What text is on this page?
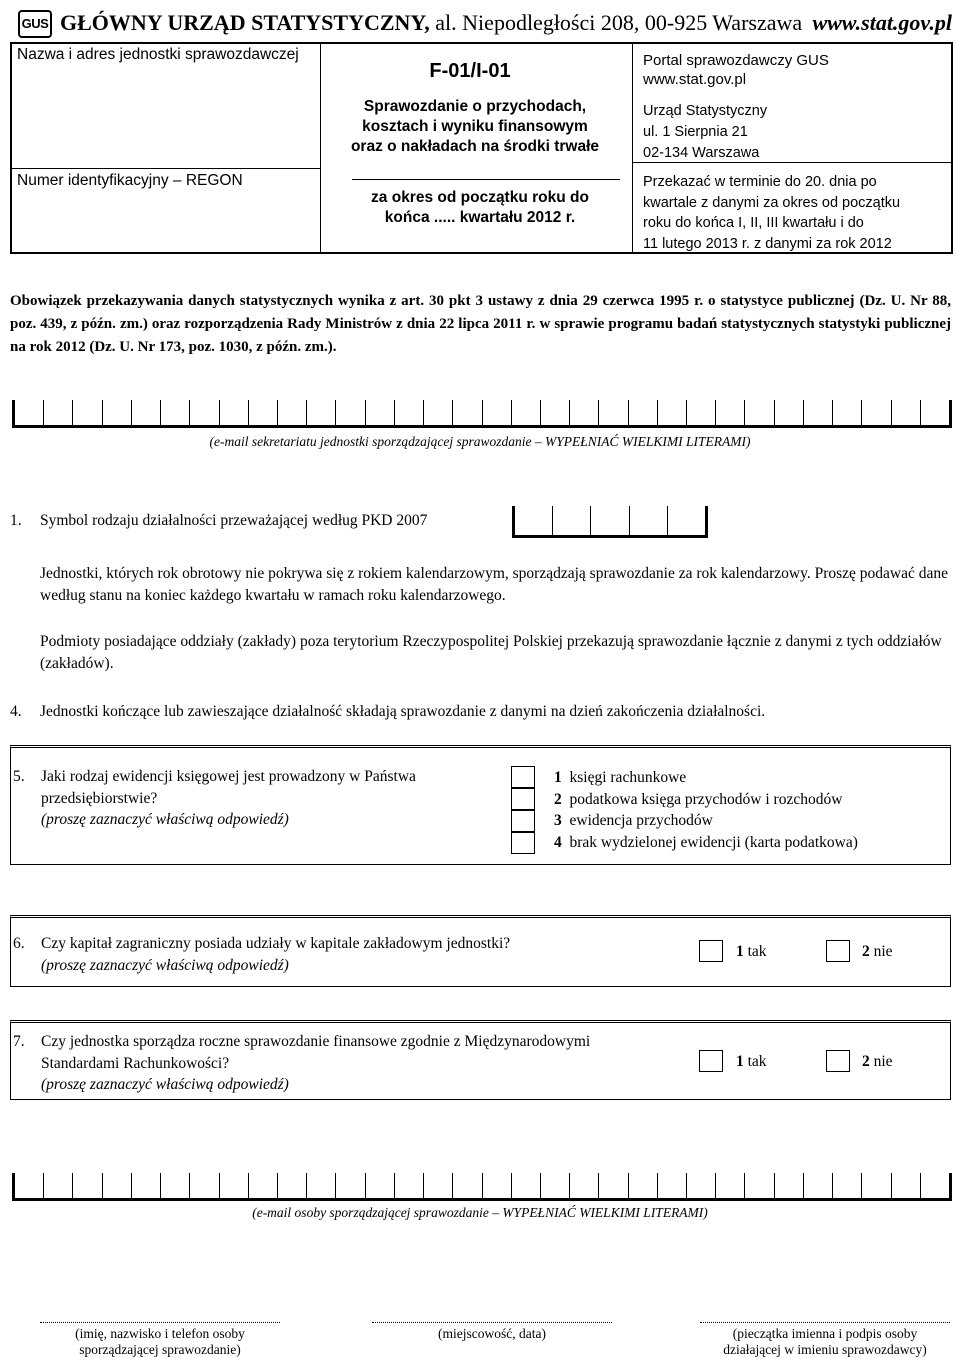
GUS GŁÓWNY URZĄD STATYSTYCZNY, al. Niepodległości 208, 00-925 Warszawa www.stat.gov.pl
Nazwa i adres jednostki sprawozdawczej
Numer identyfikacyjny – REGON
F-01/I-01
Sprawozdanie o przychodach,
kosztach i wyniku finansowym
oraz o nakładach na środki trwałe
za okres od początku roku do
końca ..... kwartału 2012 r.
Portal sprawozdawczy GUS
www.stat.gov.pl
Urząd Statystyczny
ul. 1 Sierpnia 21
02-134 Warszawa
Przekazać w terminie do 20. dnia po
kwartale z danymi za okres od początku
roku do końca I, II, III kwartału i do
11 lutego 2013 r. z danymi za rok 2012
Obowiązek przekazywania danych statystycznych wynika z art. 30 pkt 3 ustawy z dnia 29 czerwca 1995 r. o statystyce publicznej (Dz. U. Nr 88, poz. 439, z późn. zm.) oraz rozporządzenia Rady Ministrów z dnia 22 lipca 2011 r. w sprawie programu badań statystycznych statystyki publicznej na rok 2012 (Dz. U. Nr 173, poz. 1030, z późn. zm.).
(e-mail sekretariatu jednostki sporządzającej sprawozdanie – WYPEŁNIAĆ WIELKIMI LITERAMI)
1. Symbol rodzaju działalności przeważającej według PKD 2007
Jednostki, których rok obrotowy nie pokrywa się z rokiem kalendarzowym, sporządzają sprawozdanie za rok kalendarzowy. Proszę podawać dane według stanu na koniec każdego kwartału w ramach roku kalendarzowego.
Podmioty posiadające oddziały (zakłady) poza terytorium Rzeczypospolitej Polskiej przekazują sprawozdanie łącznie z danymi z tych oddziałów (zakładów).
4. Jednostki kończące lub zawieszające działalność składają sprawozdanie z danymi na dzień zakończenia działalności.
5. Jaki rodzaj ewidencji księgowej jest prowadzony w Państwa
przedsiębiorstwie?
(proszę zaznaczyć właściwą odpowiedź)
1 księgi rachunkowe
2 podatkowa księga przychodów i rozchodów
3 ewidencja przychodów
4 brak wydzielonej ewidencji (karta podatkowa)
6. Czy kapitał zagraniczny posiada udziały w kapitale zakładowym jednostki?
(proszę zaznaczyć właściwą odpowiedź)
1 tak	2 nie
7. Czy jednostka sporządza roczne sprawozdanie finansowe zgodnie z Międzynarodowymi
Standardami Rachunkowości?
(proszę zaznaczyć właściwą odpowiedź)
1 tak	2 nie
(e-mail osoby sporządzającej sprawozdanie – WYPEŁNIAĆ WIELKIMI LITERAMI)
(imię, nazwisko i telefon osoby
sporządzającej sprawozdanie)
(miejscowość, data)	(pieczątka imienna i podpis osoby
działającej w imieniu sprawozdawcy)
